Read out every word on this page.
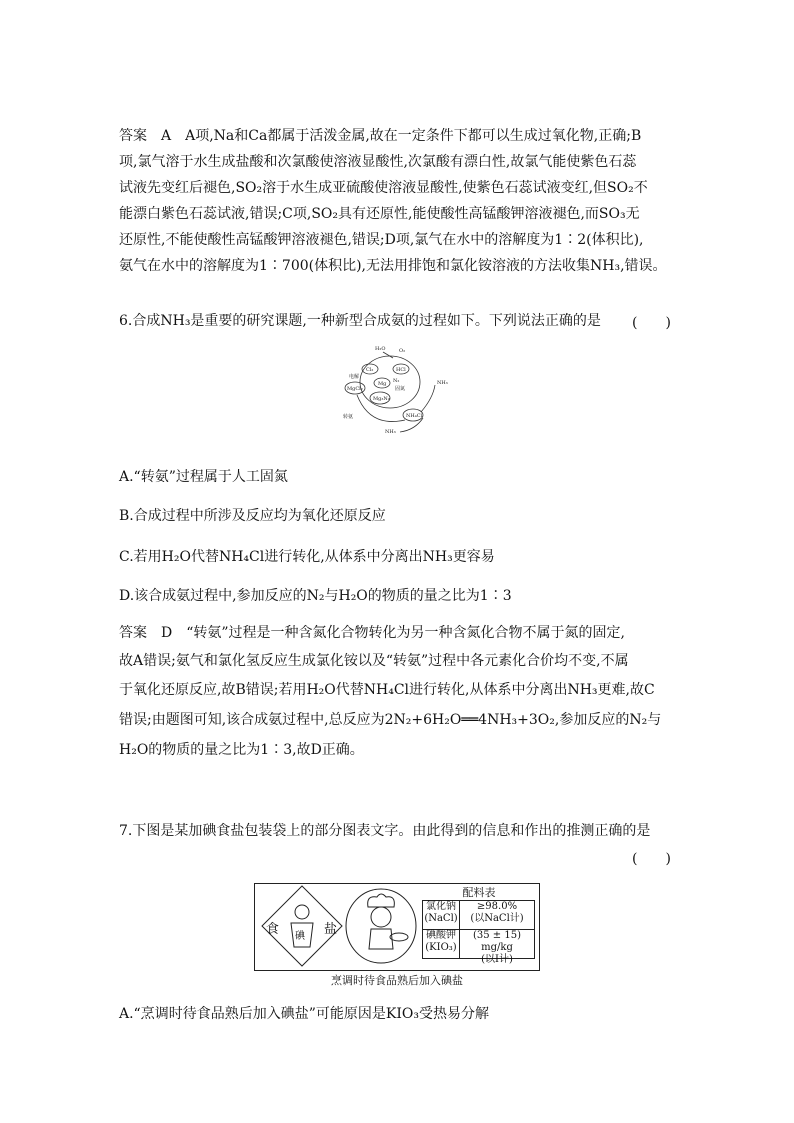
答案　A　A项,Na和Ca都属于活泼金属,故在一定条件下都可以生成过氧化物,正确;B
项,氯气溶于水生成盐酸和次氯酸使溶液显酸性,次氯酸有漂白性,故氯气能使紫色石蕊
试液先变红后褪色,SO₂溶于水生成亚硫酸使溶液显酸性,使紫色石蕊试液变红,但SO₂不
能漂白紫色石蕊试液,错误;C项,SO₂具有还原性,能使酸性高锰酸钾溶液褪色,而SO₃无
还原性,不能使酸性高锰酸钾溶液褪色,错误;D项,氯气在水中的溶解度为1∶2(体积比),
氨气在水中的溶解度为1∶700(体积比),无法用排饱和氯化铵溶液的方法收集NH₃,错误。
6.合成NH₃是重要的研究课题,一种新型合成氨的过程如下。下列说法正确的是 (　　)
H₂O	O₂
Cl₂	HCl
电解
Mg N₂
固氮
MgCl₂
Mg₃N₂
NH₃
NH₄Cl
转氨
NH₃
A.“转氨”过程属于人工固氮
B.合成过程中所涉及反应均为氧化还原反应
C.若用H₂O代替NH₄Cl进行转化,从体系中分离出NH₃更容易
D.该合成氨过程中,参加反应的N₂与H₂O的物质的量之比为1∶3
答案　D　“转氨”过程是一种含氮化合物转化为另一种含氮化合物不属于氮的固定,
故A错误;氨气和氯化氢反应生成氯化铵以及“转氨”过程中各元素化合价均不变,不属
于氧化还原反应,故B错误;若用H₂O代替NH₄Cl进行转化,从体系中分离出NH₃更难,故C
错误;由题图可知,该合成氨过程中,总反应为2N₂+6H₂O══4NH₃+3O₂,参加反应的N₂与
H₂O的物质的量之比为1∶3,故D正确。
7.下图是某加碘食盐包装袋上的部分图表文字。由此得到的信息和作出的推测正确的是
(　　)
食 碘 盐
配料表
氯化钠
(NaCl)
≥98.0%
(以NaCl计)
碘酸钾
(KIO₃)
(35 ± 15) mg/kg
(以I计)
烹调时待食品熟后加入碘盐
A.“烹调时待食品熟后加入碘盐”可能原因是KIO₃受热易分解
